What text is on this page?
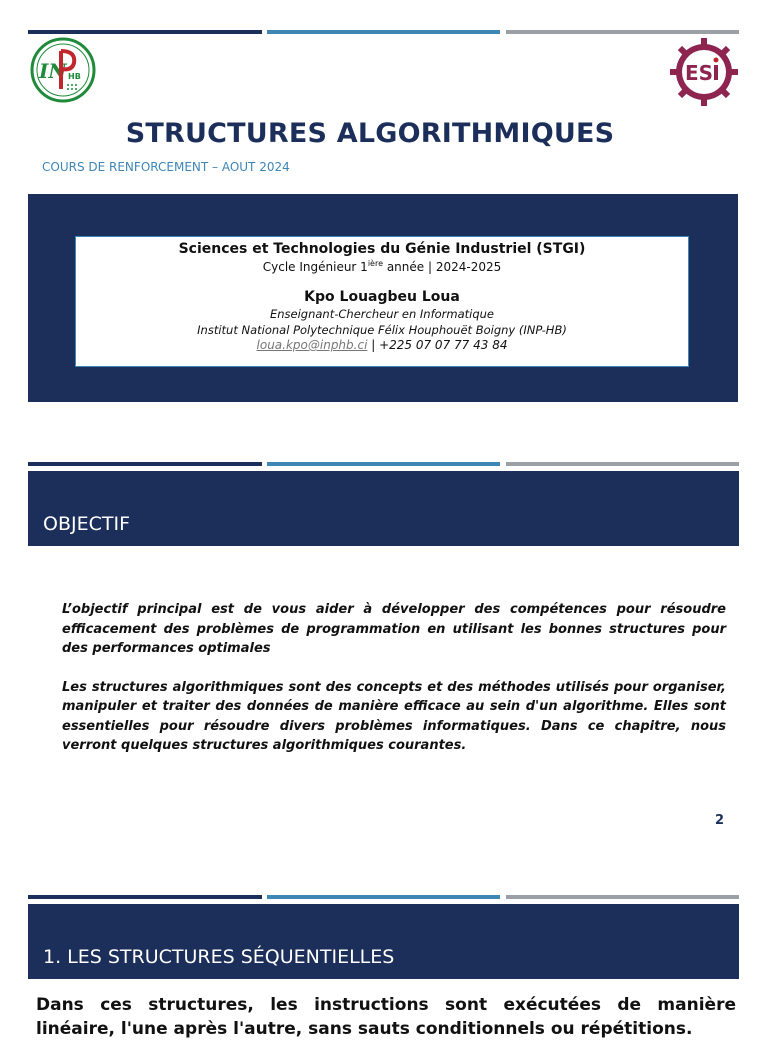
IN HB	ES
STRUCTURES ALGORITHMIQUES
COURS DE RENFORCEMENT – AOUT 2024
Sciences et Technologies du Génie Industriel (STGI)
Cycle Ingénieur $1^{ière}$ année | 2024-2025
Kpo Louagbeu Loua
Enseignant-Chercheur en Informatique
Institut National Polytechnique Félix Houphouët Boigny (INP-HB)
loua.kpo@inphb.ci | +225 07 07 77 43 84
OBJECTIF

L’objectif principal est de vous aider à développer des compétences pour résoudre efficacement des problèmes de programmation en utilisant les bonnes structures pour des performances optimales

Les structures algorithmiques sont des concepts et des méthodes utilisés pour organiser, manipuler et traiter des données de manière efficace au sein d'un algorithme. Elles sont essentielles pour résoudre divers problèmes informatiques. Dans ce chapitre, nous verront quelques structures algorithmiques courantes.

2
1. LES STRUCTURES SÉQUENTIELLES
Dans ces structures, les instructions sont exécutées de manière linéaire, l'une après l'autre, sans sauts conditionnels ou répétitions.
